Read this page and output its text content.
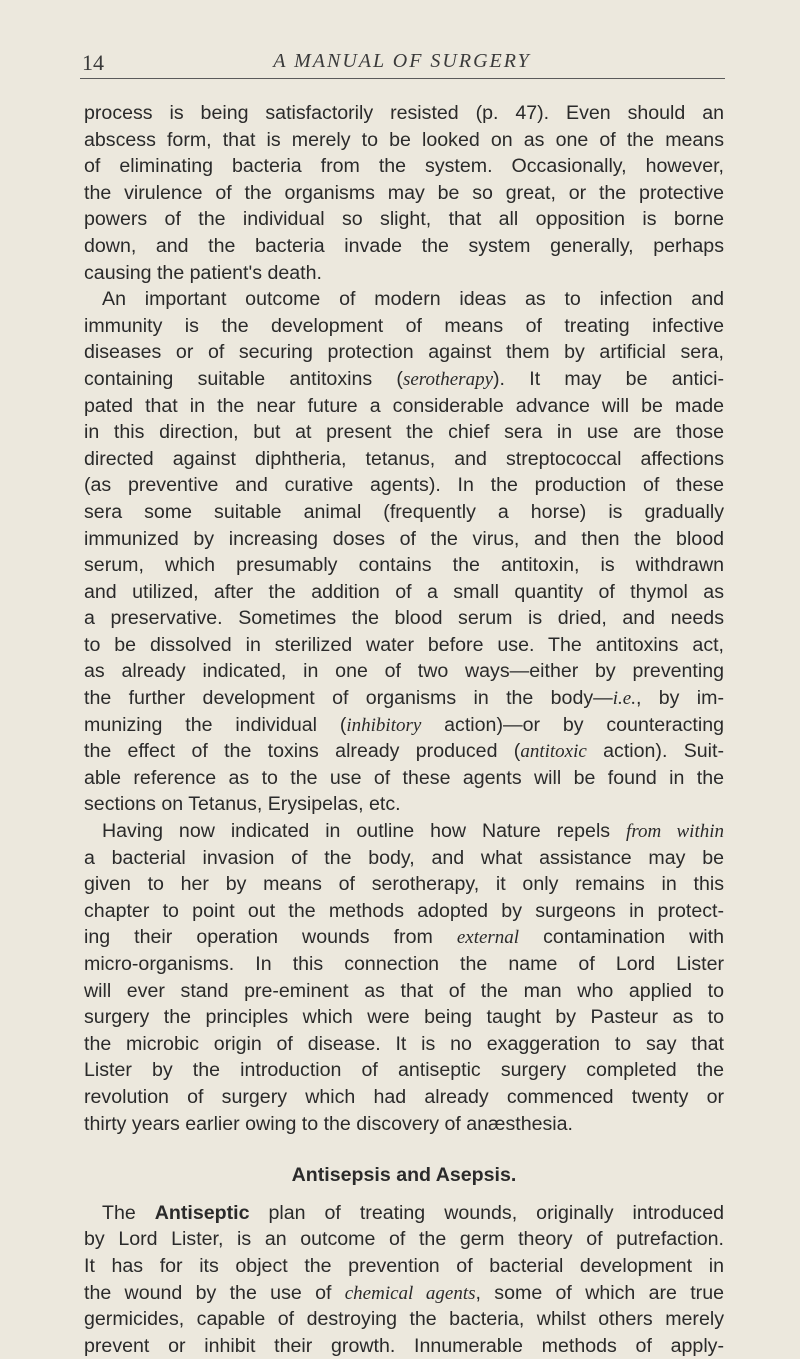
14	A MANUAL OF SURGERY
process is being satisfactorily resisted (p. 47). Even should an
abscess form, that is merely to be looked on as one of the means
of eliminating bacteria from the system. Occasionally, however,
the virulence of the organisms may be so great, or the protective
powers of the individual so slight, that all opposition is borne
down, and the bacteria invade the system generally, perhaps
causing the patient's death.
An important outcome of modern ideas as to infection and
immunity is the development of means of treating infective
diseases or of securing protection against them by artificial sera,
containing suitable antitoxins (serotherapy). It may be antici-
pated that in the near future a considerable advance will be made
in this direction, but at present the chief sera in use are those
directed against diphtheria, tetanus, and streptococcal affections
(as preventive and curative agents). In the production of these
sera some suitable animal (frequently a horse) is gradually
immunized by increasing doses of the virus, and then the blood
serum, which presumably contains the antitoxin, is withdrawn
and utilized, after the addition of a small quantity of thymol as
a preservative. Sometimes the blood serum is dried, and needs
to be dissolved in sterilized water before use. The antitoxins act,
as already indicated, in one of two ways—either by preventing
the further development of organisms in the body—i.e., by im-
munizing the individual (inhibitory action)—or by counteracting
the effect of the toxins already produced (antitoxic action). Suit-
able reference as to the use of these agents will be found in the
sections on Tetanus, Erysipelas, etc.
Having now indicated in outline how Nature repels from within
a bacterial invasion of the body, and what assistance may be
given to her by means of serotherapy, it only remains in this
chapter to point out the methods adopted by surgeons in protect-
ing their operation wounds from external contamination with
micro-organisms. In this connection the name of Lord Lister
will ever stand pre-eminent as that of the man who applied to
surgery the principles which were being taught by Pasteur as to
the microbic origin of disease. It is no exaggeration to say that
Lister by the introduction of antiseptic surgery completed the
revolution of surgery which had already commenced twenty or
thirty years earlier owing to the discovery of anæsthesia.
Antisepsis and Asepsis.
The Antiseptic plan of treating wounds, originally introduced
by Lord Lister, is an outcome of the germ theory of putrefaction.
It has for its object the prevention of bacterial development in
the wound by the use of chemical agents, some of which are true
germicides, capable of destroying the bacteria, whilst others merely
prevent or inhibit their growth. Innumerable methods of apply-
